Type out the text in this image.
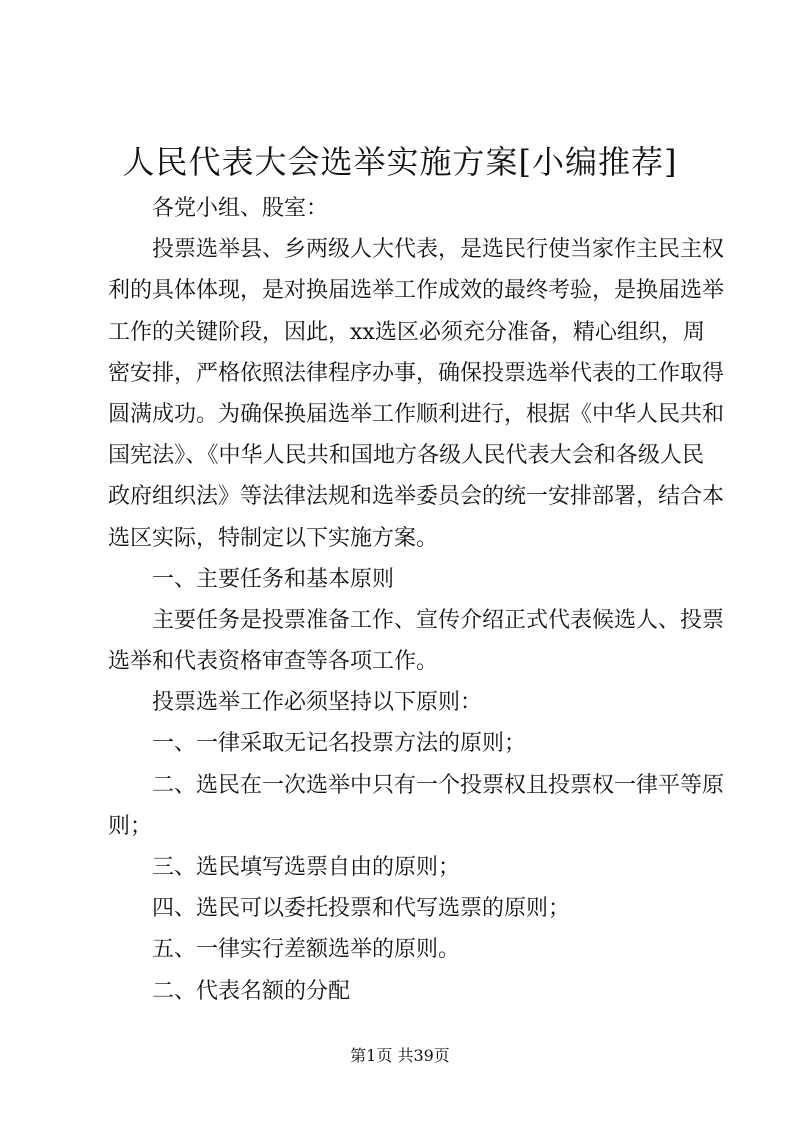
人民代表大会选举实施方案[小编推荐]
各党小组、股室：
投票选举县、乡两级人大代表，是选民行使当家作主民主权
利的具体体现，是对换届选举工作成效的最终考验，是换届选举
工作的关键阶段，因此，xx选区必须充分准备，精心组织，周
密安排，严格依照法律程序办事，确保投票选举代表的工作取得
圆满成功。为确保换届选举工作顺利进行，根据《中华人民共和
国宪法》、《中华人民共和国地方各级人民代表大会和各级人民
政府组织法》等法律法规和选举委员会的统一安排部署，结合本
选区实际，特制定以下实施方案。
一、主要任务和基本原则
主要任务是投票准备工作、宣传介绍正式代表候选人、投票
选举和代表资格审查等各项工作。
投票选举工作必须坚持以下原则：
一、一律采取无记名投票方法的原则；
二、选民在一次选举中只有一个投票权且投票权一律平等原
则；
三、选民填写选票自由的原则；
四、选民可以委托投票和代写选票的原则；
五、一律实行差额选举的原则。
二、代表名额的分配
第1页 共39页
